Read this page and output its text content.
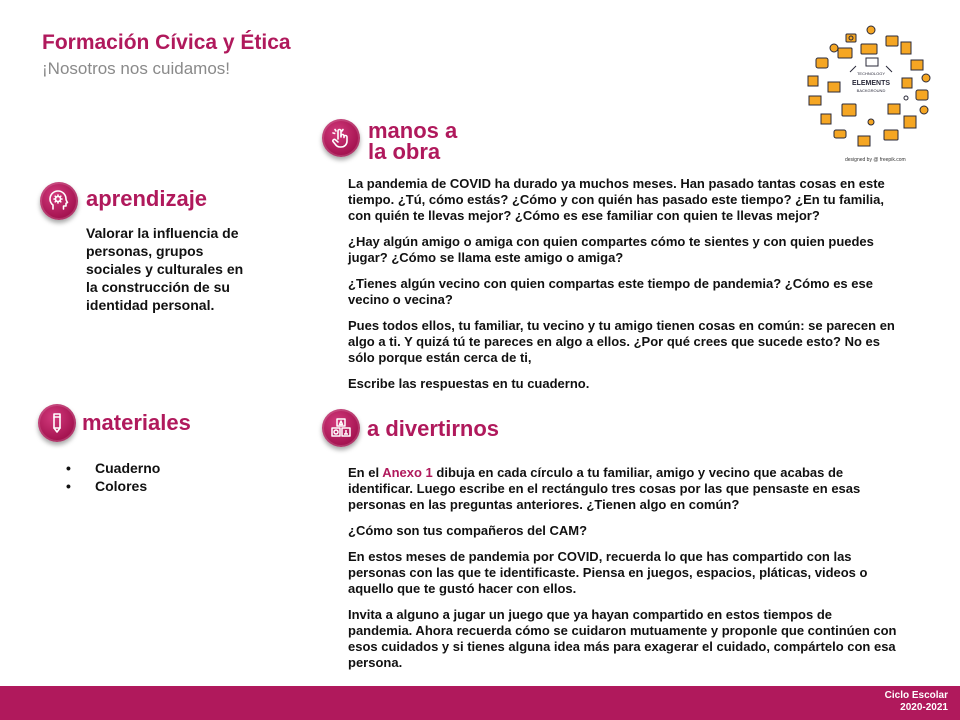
Formación Cívica y Ética
¡Nosotros nos cuidamos!	TECHNOLOGY
ELEMENTS
BACKGROUND
designed by @ freepik.com
aprendizaje
Valorar la influencia de personas, grupos sociales y culturales en la construcción de su identidad personal.
materiales
• Cuaderno
• Colores
manos a
la obra

La pandemia de COVID ha durado ya muchos meses. Han pasado tantas cosas en este tiempo. ¿Tú, cómo estás? ¿Cómo y con quién has pasado este tiempo? ¿En tu familia, con quién te llevas mejor? ¿Cómo es ese familiar con quien te llevas mejor?

¿Hay algún amigo o amiga con quien compartes cómo te sientes y con quien puedes jugar? ¿Cómo se llama este amigo o amiga?

¿Tienes algún vecino con quien compartas este tiempo de pandemia? ¿Cómo es ese vecino o vecina?

Pues todos ellos, tu familiar, tu vecino y tu amigo tienen cosas en común: se parecen en algo a ti. Y quizá tú te pareces en algo a ellos. ¿Por qué crees que sucede esto? No es sólo porque están cerca de ti,

Escribe las respuestas en tu cuaderno.

a divertirnos

En el Anexo 1 dibuja en cada círculo a tu familiar, amigo y vecino que acabas de identificar. Luego escribe en el rectángulo tres cosas por las que pensaste en esas personas en las preguntas anteriores. ¿Tienen algo en común?

¿Cómo son tus compañeros del CAM?

En estos meses de pandemia por COVID, recuerda lo que has compartido con las personas con las que te identificaste. Piensa en juegos, espacios, pláticas, videos o aquello que te gustó hacer con ellos.

Invita a alguno a jugar un juego que ya hayan compartido en estos tiempos de pandemia. Ahora recuerda cómo se cuidaron mutuamente y proponle que continúen con esos cuidados y si tienes alguna idea más para exagerar el cuidado, compártelo con esa persona.

Ciclo Escolar
2020-2021
